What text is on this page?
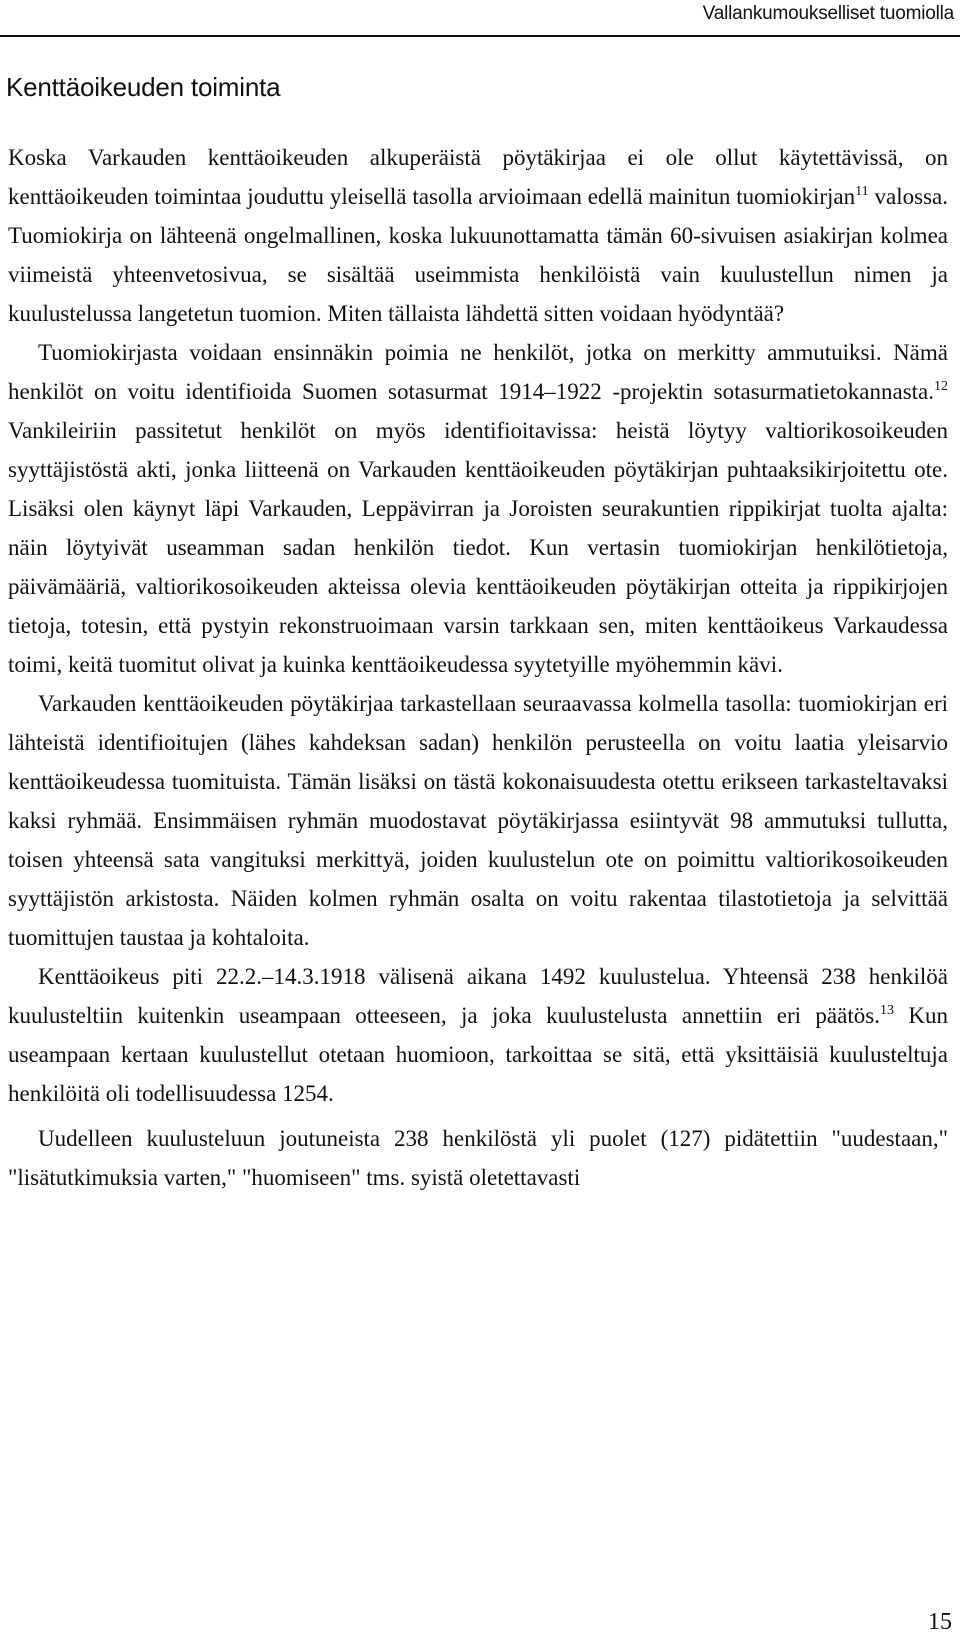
Vallankumoukselliset tuomiolla
Kenttäoikeuden toiminta

Koska Varkauden kenttäoikeuden alkuperäistä pöytäkirjaa ei ole ollut käytettävissä, on kenttäoikeuden toimintaa jouduttu yleisellä tasolla arvioimaan edellä mainitun tuomiokirjan$^{11}$ valossa. Tuomiokirja on lähteenä ongelmallinen, koska lukuunottamatta tämän 60-sivuisen asiakirjan kolmea viimeistä yhteenvetosivua, se sisältää useimmista henkilöistä vain kuulustellun nimen ja kuulustelussa langetetun tuomion. Miten tällaista lähdettä sitten voidaan hyödyntää?

Tuomiokirjasta voidaan ensinnäkin poimia ne henkilöt, jotka on merkitty ammutuiksi. Nämä henkilöt on voitu identifioida Suomen sotasurmat 1914–1922 -projektin sotasurmatietokannasta.$^{12}$ Vankileiriin passitetut henkilöt on myös identifioitavissa: heistä löytyy valtiorikosoikeuden syyttäjistöstä akti, jonka liitteenä on Varkauden kenttäoikeuden pöytäkirjan puhtaaksikirjoitettu ote. Lisäksi olen käynyt läpi Varkauden, Leppävirran ja Joroisten seurakuntien rippikirjat tuolta ajalta: näin löytyivät useamman sadan henkilön tiedot. Kun vertasin tuomiokirjan henkilötietoja, päivämääriä, valtiorikosoikeuden akteissa olevia kenttäoikeuden pöytäkirjan otteita ja rippikirjojen tietoja, totesin, että pystyin rekonstruoimaan varsin tarkkaan sen, miten kenttäoikeus Varkaudessa toimi, keitä tuomitut olivat ja kuinka kenttäoikeudessa syytetyille myöhemmin kävi.

Varkauden kenttäoikeuden pöytäkirjaa tarkastellaan seuraavassa kolmella tasolla: tuomiokirjan eri lähteistä identifioitujen (lähes kahdeksan sadan) henkilön perusteella on voitu laatia yleisarvio kenttäoikeudessa tuomituista. Tämän lisäksi on tästä kokonaisuudesta otettu erikseen tarkasteltavaksi kaksi ryhmää. Ensimmäisen ryhmän muodostavat pöytäkirjassa esiintyvät 98 ammutuksi tullutta, toisen yhteensä sata vangituksi merkittyä, joiden kuulustelun ote on poimittu valtiorikosoikeuden syyttäjistön arkistosta. Näiden kolmen ryhmän osalta on voitu rakentaa tilastotietoja ja selvittää tuomittujen taustaa ja kohtaloita.

Kenttäoikeus piti 22.2.–14.3.1918 välisenä aikana 1492 kuulustelua. Yhteensä 238 henkilöä kuulusteltiin kuitenkin useampaan otteeseen, ja joka kuulustelusta annettiin eri päätös.$^{13}$ Kun useampaan kertaan kuulustellut otetaan huomioon, tarkoittaa se sitä, että yksittäisiä kuulusteltuja henkilöitä oli todellisuudessa 1254.

Uudelleen kuulusteluun joutuneista 238 henkilöstä yli puolet (127) pidätettiin "uudestaan," "lisätutkimuksia varten," "huomiseen" tms. syistä oletettavasti

15
